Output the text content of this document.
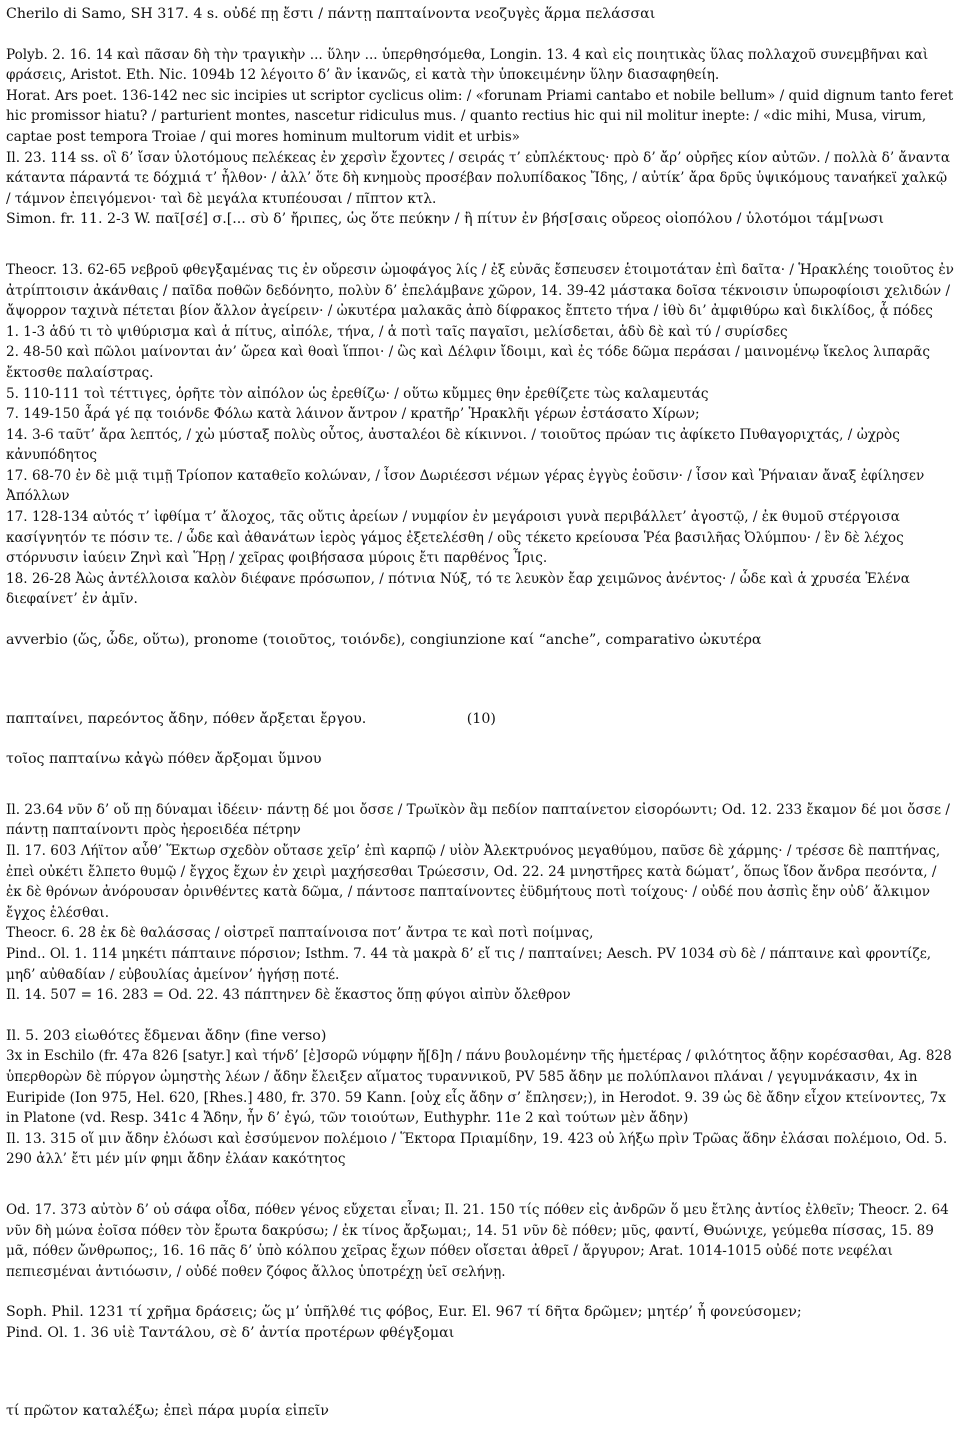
Cherilo di Samo, SH 317. 4 s. οὐδέ πῃ ἔστι / πάντῃ παπταίνοντα νεοζυγὲς ἅρμα πελάσσαι

Polyb. 2. 16. 14 καὶ πᾶσαν δὴ τὴν τραγικὴν ... ὕλην ... ὑπερθησόμεθα, Longin. 13. 4 καὶ εἰς ποιητικὰς ὕλας πολλαχοῦ συνεμβῆναι καὶ φράσεις, Aristot. Eth. Nic. 1094b 12 λέγοιτο δ’ ἂν ἱκανῶς, εἰ κατὰ τὴν ὑποκειμένην ὕλην διασαφηθείη.

Horat. Ars poet. 136-142 nec sic incipies ut scriptor cyclicus olim: / «forunam Priami cantabo et nobile bellum» / quid dignum tanto feret hic promissor hiatu? / parturient montes, nascetur ridiculus mus. / quanto rectius hic qui nil molitur inepte: / «dic mihi, Musa, virum, captae post tempora Troiae / qui mores hominum multorum vidit et urbis»

Il. 23. 114 ss. οἳ δ’ ἴσαν ὑλοτόμους πελέκεας ἐν χερσὶν ἔχοντες / σειράς τ’ εὐπλέκτους· πρὸ δ’ ἄρ’ οὐρῆες κίον αὐτῶν. / πολλὰ δ’ ἄναντα κάταντα πάραντά τε δόχμιά τ’ ἦλθον· / ἀλλ’ ὅτε δὴ κνημοὺς προσέβαν πολυπίδακος Ἴδης, / αὐτίκ’ ἄρα δρῦς ὑψικόμους ταναήκεϊ χαλκῷ / τάμνον ἐπειγόμενοι· ταὶ δὲ μεγάλα κτυπέουσαι / πῖπτον κτλ.

Simon. fr. 11. 2-3 W. παῖ[σέ] σ.[... σὺ δ’ ἤριπες, ὡς ὅτε πεύκην / ἢ πίτυν ἐν βήσ[σαις οὔρεος οἰοπόλου / ὑλοτόμοι τάμ[νωσι

Theocr. 13. 62-65 νεβροῦ φθεγξαμένας τις ἐν οὔρεσιν ὠμοφάγος λίς / ἐξ εὐνᾶς ἔσπευσεν ἑτοιμοτάταν ἐπὶ δαῖτα· / Ἡρακλέης τοιοῦτος ἐν ἀτρίπτοισιν ἀκάνθαις / παῖδα ποθῶν δεδόνητο, πολὺν δ’ ἐπελάμβανε χῶρον, 14. 39-42 μάστακα δοῖσα τέκνοισιν ὑπωροφίοισι χελιδών / ἄψορρον ταχινὰ πέτεται βίον ἄλλον ἀγείρειν· / ὠκυτέρα μαλακᾶς ἀπὸ δίφρακος ἔπτετο τήνα / ἰθὺ δι’ ἀμφιθύρω καὶ δικλίδος, ᾇ πόδες

1. 1-3 ἁδύ τι τὸ ψιθύρισμα καὶ ἁ πίτυς, αἰπόλε, τήνα, / ἁ ποτὶ ταῖς παγαῖσι, μελίσδεται, ἁδὺ δὲ καὶ τύ / συρίσδες

2. 48-50 καὶ πῶλοι μαίνονται ἀν’ ὤρεα καὶ θοαὶ ἵπποι· / ὣς καὶ Δέλφιν ἴδοιμι, καὶ ἐς τόδε δῶμα περάσαι / μαινομένῳ ἴκελος λιπαρᾶς ἔκτοσθε παλαίστρας.

5. 110-111 τοὶ τέττιγες, ὁρῆτε τὸν αἰπόλον ὡς ἐρεθίζω· / οὕτω κὔμμες θην ἐρεθίζετε τὼς καλαμευτάς

7. 149-150 ἆρά γέ πᾳ τοιόνδε Φόλω κατὰ λάινον ἄντρον / κρατῆρ’ Ἡρακλῆι γέρων ἐστάσατο Χίρων;

14. 3-6 ταῦτ’ ἄρα λεπτός, / χὠ μύσταξ πολὺς οὗτος, ἀυσταλέοι δὲ κίκιννοι. / τοιοῦτος πρώαν τις ἀφίκετο Πυθαγοριχτάς, / ὠχρὸς κἀνυπόδητος

17. 68-70 ἐν δὲ μιᾷ τιμῇ Τρίοπον καταθεῖο κολώναν, / ἶσον Δωριέεσσι νέμων γέρας ἐγγὺς ἐοῦσιν· / ἶσον καὶ Ῥήναιαν ἄναξ ἐφίλησεν Ἀπόλλων

17. 128-134 αὐτός τ’ ἰφθίμα τ’ ἄλοχος, τᾶς οὔτις ἀρείων / νυμφίον ἐν μεγάροισι γυνὰ περιβάλλετ’ ἀγοστῷ, / ἐκ θυμοῦ στέργοισα κασίγνητόν τε πόσιν τε. / ὧδε καὶ ἀθανάτων ἱερὸς γάμος ἐξετελέσθη / οὓς τέκετο κρείουσα Ῥέα βασιλῆας Ὀλύμπου· / ἓν δὲ λέχος στόρνυσιν ἰαύειν Ζηνὶ καὶ Ἥρῃ / χεῖρας φοιβήσασα μύροις ἔτι παρθένος Ἶρις.

18. 26-28 Ἀὼς ἀντέλλοισα καλὸν διέφανε πρόσωπον, / πότνια Νύξ, τό τε λευκὸν ἔαρ χειμῶνος ἀνέντος· / ὧδε καὶ ἁ χρυσέα Ἑλένα διεφαίνετ’ ἐν ἁμῖν.

avverbio (ὥς, ὧδε, οὕτω), pronome (τοιοῦτος, τοιόνδε), congiunzione καί “anche”, comparativo ὠκυτέρα

παπταίνει, παρεόντος ἄδην, πόθεν ἄρξεται ἔργου.	(10)

τοῖος παπταίνω κἀγὼ πόθεν ἄρξομαι ὕμνου

Il. 23.64 νῦν δ’ οὔ πῃ δύναμαι ἰδέειν· πάντῃ δέ μοι ὄσσε / Τρωϊκὸν ἂμ πεδίον παπταίνετον εἰσορόωντι; Od. 12. 233 ἔκαμον δέ μοι ὄσσε / πάντῃ παπταίνοντι πρὸς ἠεροειδέα πέτρην

Il. 17. 603 Λήϊτον αὖθ’ Ἕκτωρ σχεδὸν οὔτασε χεῖρ’ ἐπὶ καρπῷ / υἱὸν Ἀλεκτρυόνος μεγαθύμου, παῦσε δὲ χάρμης· / τρέσσε δὲ παπτήνας, ἐπεὶ οὐκέτι ἔλπετο θυμῷ / ἔγχος ἔχων ἐν χειρὶ μαχήσεσθαι Τρώεσσιν, Od. 22. 24 μνηστῆρες κατὰ δώματ’, ὅπως ἴδον ἄνδρα πεσόντα, / ἐκ δὲ θρόνων ἀνόρουσαν ὀρινθέντες κατὰ δῶμα, / πάντοσε παπταίνοντες ἐϋδμήτους ποτὶ τοίχους· / οὐδέ που ἀσπὶς ἔην οὐδ’ ἄλκιμον ἔγχος ἑλέσθαι.

Theocr. 6. 28 ἐκ δὲ θαλάσσας / οἰστρεῖ παπταίνοισα ποτ’ ἄντρα τε καὶ ποτὶ ποίμνας,

Pind.. Ol. 1. 114 μηκέτι πάπταινε πόρσιον; Isthm. 7. 44 τὰ μακρὰ δ’ εἴ τις / παπταίνει; Aesch. PV 1034 σὺ δὲ / πάπταινε καὶ φροντίζε, μηδ’ αὐθαδίαν / εὐβουλίας ἀμείνον’ ἡγήσῃ ποτέ.

Il. 14. 507 = 16. 283 = Od. 22. 43 πάπτηνεν δὲ ἕκαστος ὅπῃ φύγοι αἰπὺν ὄλεθρον

Il. 5. 203 εἰωθότες ἔδμεναι ἄδην (fine verso)

3x in Eschilo (fr. 47a 826 [satyr.] καὶ τήνδ’ [ἐ]σορῶ νύμφην ἤ[δ]η / πάνυ βουλομένην τῆς ἡμετέρας / φιλότητος ἄδ̣ην κορέσασθαι, Ag. 828 ὑπερθορὼν δὲ πύργον ὠμηστὴς λέων / ἄδην ἔλειξεν αἵματος τυραννικοῦ, PV 585 ἄδην με πολύπλανοι πλάναι / γεγυμνάκασιν, 4x in Euripide (Ion 975, Hel. 620, [Rhes.] 480, fr. 370. 59 Kann. [οὐχ εἷς ἄδην σ’ ἔπλησεν;), in Herodot. 9. 39 ὡς δὲ ἄδην εἶχον κτείνοντες, 7x in Platone (vd. Resp. 341c 4 Ἄδην, ἦν δ’ ἐγώ, τῶν τοιούτων, Euthyphr. 11e 2 καὶ τούτων μὲν ἄδην)

Il. 13. 315 οἵ μιν ἄδην ἐλόωσι καὶ ἐσσύμενον πολέμοιο / Ἕκτορα Πριαμίδην, 19. 423 οὐ λήξω πρὶν Τρῶας ἅδην ἐλάσαι πολέμοιο, Od. 5. 290 ἀλλ’ ἔτι μέν μίν φημι ἄδην ἐλάαν κακότητος

Od. 17. 373 αὐτὸν δ’ οὐ σάφα οἶδα, πόθεν γένος εὔχεται εἶναι; Il. 21. 150 τίς πόθεν εἰς ἀνδρῶν ὅ μευ ἔτλης ἀντίος ἐλθεῖν; Theocr. 2. 64 νῦν δὴ μώνα ἐοῖσα πόθεν τὸν ἔρωτα δακρύσω; / ἐκ τίνος ἄρξωμαι;, 14. 51 νῦν δὲ πόθεν; μῦς, φαντί, Θυώνιχε, γεύμεθα πίσσας, 15. 89 μᾶ, πόθεν ὤνθρωπος;, 16. 16 πᾶς δ’ ὑπὸ κόλπου χεῖρας ἔχων πόθεν οἴσεται ἀθρεῖ / ἄργυρον; Arat. 1014-1015 οὐδέ ποτε νεφέλαι πεπιεσμέναι ἀντιόωσιν, / οὐδέ ποθεν ζόφος ἄλλος ὑποτρέχῃ ὑεῖ σελήνῃ.

Soph. Phil. 1231 τί χρῆμα δράσεις; ὥς μ’ ὑπῆλθέ τις φόβος, Eur. El. 967 τί δῆτα δρῶμεν; μητέρ’ ἦ φονεύσομεν;

Pind. Ol. 1. 36 υἱὲ Ταντάλου, σὲ δ’ ἀντία προτέρων φθέγξομαι

τί πρῶτον καταλέξω; ἐπεὶ πάρα μυρία εἰπεῖν
